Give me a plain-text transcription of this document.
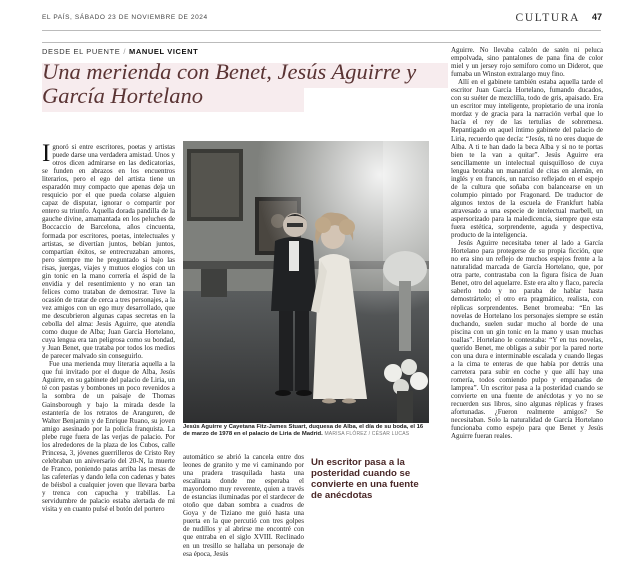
EL PAÍS, SÁBADO 23 DE NOVIEMBRE DE 2024	CULTURA 47
DESDE EL PUENTE / MANUEL VICENT
Una merienda con Benet, Jesús Aguirre y García Hortelano

Ignoró si entre escritores, poetas y artistas puede darse una verdadera amistad. Unos y otros dicen admirarse en las dedicatorias, se funden en abrazos en los encuentros literarios, pero el ego del artista tiene un esparadón muy compacto que apenas deja un resquicio por el que pueda colarse alguien capaz de disputar, ignorar o compartir por entero su triunfo. Aquella dorada pandilla de la gauche divine, amamantada en los peluches de Boccaccio de Barcelona, años cincuenta, formada por escritores, poetas, intelectuales y artistas, se divertían juntos, bebían juntos, compartían éxitos, se entrecruzaban amores, pero siempre me he preguntado si bajo las risas, juergas, viajes y mutuos elogios con un gin tonic en la mano correría el áspid de la envidia y del resentimiento y no eran tan felices como trataban de demostrar. Tuve la ocasión de tratar de cerca a tres personajes, a la vez amigos con un ego muy desarrollado, que me descubrieron algunas capas secretas en la cebolla del alma: Jesús Aguirre, que atendía como duque de Alba; Juan García Hortelano, cuya lengua era tan peligrosa como su bondad, y Juan Benet, que trataba por todos los medios de parecer malvado sin conseguirlo.

Fue una merienda muy literaria aquella a la que fui invitado por el duque de Alba, Jesús Aguirre, en su gabinete del palacio de Liria, un té con pastas y bombones un poco revenidos a la sombra de un paisaje de Thomas Gainsborough y bajo la mirada desde la estantería de los retratos de Aranguren, de Walter Benjamin y de Enrique Ruano, su joven amigo asesinado por la policía franquista. La plebe ruge fuera de las verjas de palacio. Por los alrededores de la plaza de los Cubos, calle Princesa, 3, jóvenes guerrilleros de Cristo Rey celebraban un aniversario del 20-N, la muerte de Franco, poniendo patas arriba las mesas de las cafeterías y dando leña con cadenas y bates de béisbol a cualquier joven que llevara barba y trenca con capucha y trabillas. La servidumbre de palacio estaba alertada de mi visita y en cuanto pulsé el botón del portero

Jesús Aguirre y Cayetana Fitz-James Stuart, duquesa de Alba, el día de su boda, el 16 de marzo de 1978 en el palacio de Liria de Madrid. MARISA FLÓREZ / CÉSAR LUCAS

automático se abrió la cancela entre dos leones de granito y me vi caminando por una pradera trasquilada hasta una escalinata donde me esperaba el mayordomo muy reverente, quien a través de estancias iluminadas por el stardecer de otoño que daban sombra a cuadros de Goya y de Tiziano me guió hasta una puerta en la que percutió con tres golpes de nudillos y al abrirse me encontré con que entraba en el siglo XVIII. Reclinado en un tresillo se hallaba un personaje de esa época, Jesús

Un escritor pasa a la posteridad cuando se convierte en una fuente de anécdotas

Aguirre. No llevaba calzón de satén ni peluca empolvada, sino pantalones de pana fina de color miel y un jersey rojo semiforo como un Diderot, que fumaba un Winston extralargo muy fino.

Allí en el gabinete también estaba aquella tarde el escritor Juan García Hortelano, fumando ducados, con su suéter de mezclilla, todo de gris, apaisado. Era un escritor muy inteligente, propietario de una ironía mordaz y de gracia para la narración verbal que lo hacía el rey de las tertulias de sobremesa. Repantigado en aquel íntimo gabinete del palacio de Liria, recuerdo que decía: “Jesús, tú no eres duque de Alba. A ti te han dado la beca Alba y si no te portas bien te la van a quitar”. Jesús Aguirre era sencillamente un intelectual quisquilloso de cuya lengua brotaba un manantial de citas en alemán, en inglés y en francés, un narciso reflejado en el espejo de la cultura que soñaba con balancearse en un columpio pintado por Fragonard. De traductor de algunos textos de la escuela de Frankfurt había atravesado a una especie de intelectual marbell, un aspersorizado para la maledicencia, siempre que esta fuera estética, sorprendente, aguda y despectiva, producto de la inteligencia.

Jesús Aguirre necesitaba tener al lado a García Hortelano para protegerse de su propia ficción, que no era sino un reflejo de muchos espejos frente a la naturalidad marcada de García Hortelano, que, por otra parte, contrastaba con la figura física de Juan Benet, otro del aquelarre. Este era alto y flaco, parecía saberlo todo y no paraba de hablar hasta demostrártelo; el otro era pragmático, realista, con réplicas sorprendentes. Benet bromeaba: “En las novelas de Hortelano los personajes siempre se están duchando, suelen sudar mucho al borde de una piscina con un gin tonic en la mano y usan muchas toallas”. Hortelano le contestaba: “Y en tus novelas, querido Benet, me obligas a subir por la pared norte con una dura e interminable escalada y cuando llegas a la cima te enteras de que había por detrás una carretera para subir en coche y que allí hay una romería, todos comiendo pulpo y empanadas de lamprea”. Un escritor pasa a la posteridad cuando se convierte en una fuente de anécdotas y yo no se recuerden sus libros, sino algunas réplicas y frases afortunadas. ¿Fueron realmente amigos? Se necesitaban. Solo la naturalidad de García Hortelano funcionaba como espejo para que Benet y Jesús Aguirre fueran reales.
